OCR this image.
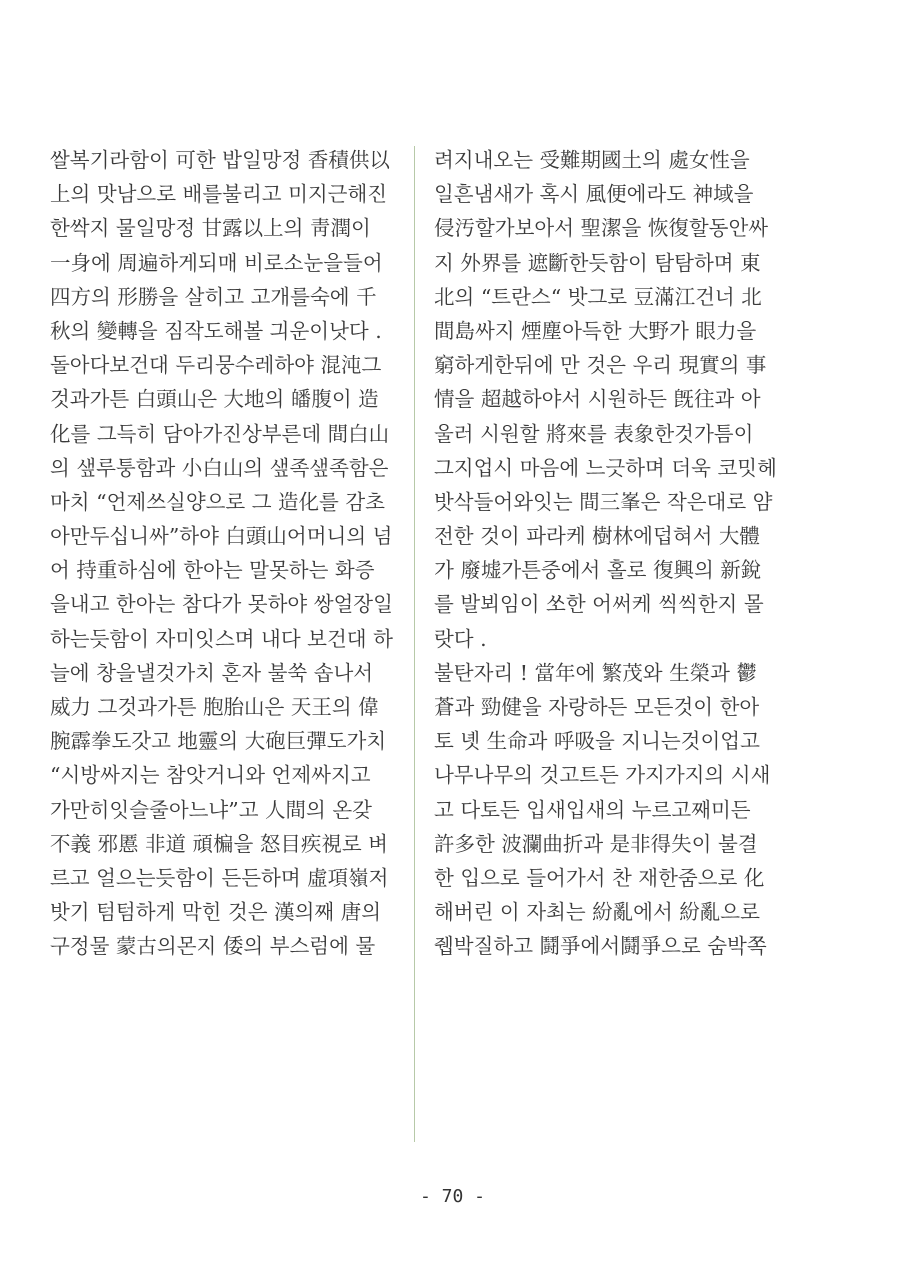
쌀복기라함이 可한 밥일망정 香積供以
上의 맛남으로 배를불리고 미지근해진
한싹지 물일망정 甘露以上의 靑潤이
一身에 周遍하게되매 비로소눈을들어
四方의 形勝을 살히고 고개를숙에 千
秋의 變轉을 짐작도해볼 긔운이낫다 .
돌아다보건대 두리뭉수레하야 混沌그
것과가튼 白頭山은 大地의 皤腹이 造
化를 그득히 담아가진상부른데 間白山
의 샢루퉁함과 小白山의 샢족샢족함은
마치 “언제쓰실양으로 그 造化를 감초
아만두십니싸”하야 白頭山어머니의 넘
어 持重하심에 한아는 말못하는 화증
을내고 한아는 참다가 못하야 쌍얼장일
하는듯함이 자미잇스며 내다 보건대 하
늘에 창을낼것가치 혼자 불쑥 솝나서
威力 그것과가튼 胞胎山은 天王의 偉
腕霹拳도갓고 地靈의 大砲巨彈도가치
“시방싸지는 참앗거니와 언제싸지고
가만히잇슬줄아느냐”고 人間의 온갖
不義 邪慝 非道 頑楄을 怒目疾視로 벼
르고 얼으는듯함이 든든하며 虛項嶺저
밧기 텀텀하게 막힌 것은 漢의째 唐의
구정물 蒙古의몬지 倭의 부스럼에 물
려지내오는 受難期國土의 處女性을
일흔냄새가 혹시 風便에라도 神域을
侵汚할가보아서 聖潔을 恢復할동안싸
지 外界를 遮斷한듯함이 탐탐하며 東
北의 “트란스“ 밧그로 豆滿江건너 北
間島싸지 煙塵아득한 大野가 眼力을
窮하게한뒤에 만 것은 우리 現實의 事
情을 超越하야서 시원하든 旣往과 아
울러 시원할 將來를 表象한것가틈이
그지업시 마음에 느긋하며 더욱 코밋헤
밧삭들어와잇는 間三峯은 작은대로 얌
전한 것이 파라케 樹林에덥혀서 大體
가 廢墟가튼중에서 홀로 復興의 新銳
를 발뵈임이 쏘한 어써케 씩씩한지 몰
랏다 .
불탄자리 ! 當年에 繁茂와 生榮과 鬱
蒼과 勁健을 자랑하든 모든것이 한아
토 녯 生命과 呼吸을 지니는것이업고
나무나무의 것고트든 가지가지의 시새
고 다토든 입새입새의 누르고째미든
許多한 波瀾曲折과 是非得失이 불결
한 입으로 들어가서 찬 재한줌으로 化
해버린 이 자최는 紛亂에서 紛亂으로
쥅박질하고 鬪爭에서鬪爭으로 숨박쪽
- 70 -
